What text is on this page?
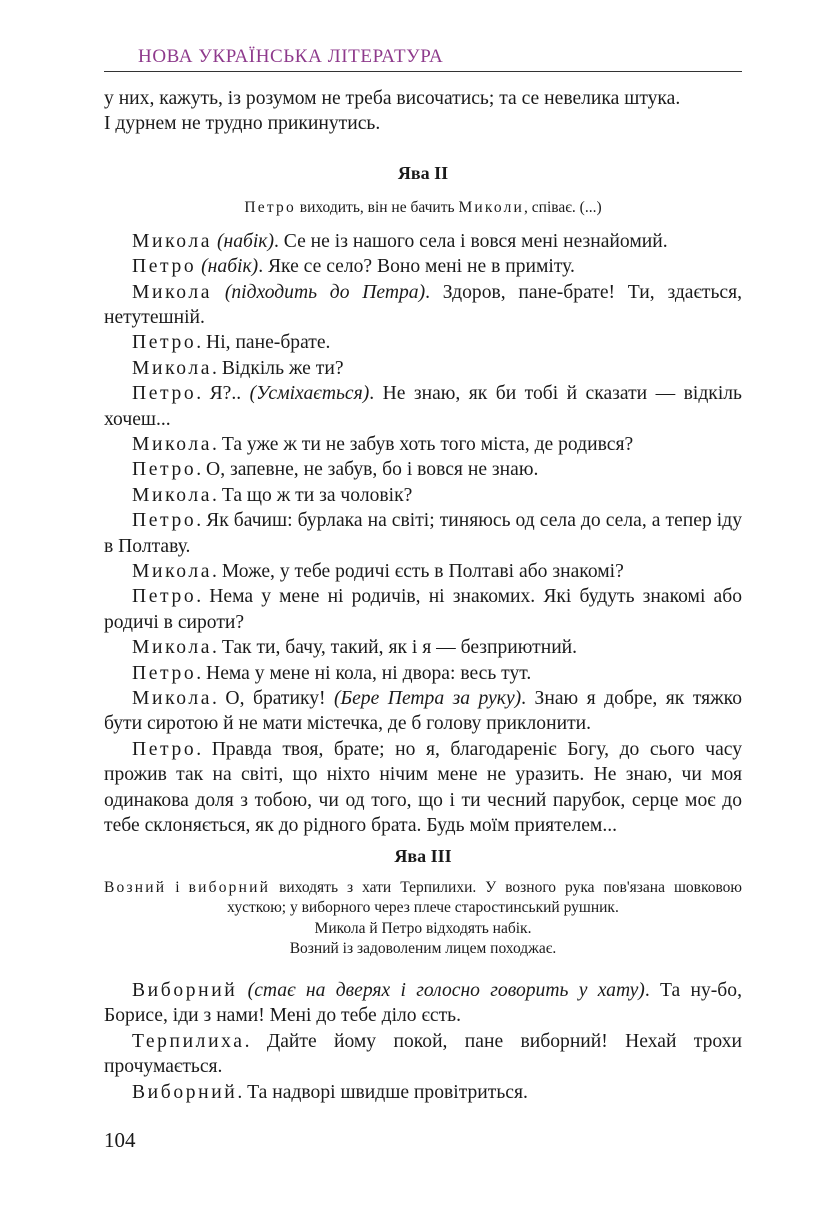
НОВА УКРАЇНСЬКА ЛІТЕРАТУРА

у них, кажуть, із розумом не треба височатись; та се невелика штука.
І дурнем не трудно прикинутись.

Ява II

Петро виходить, він не бачить Миколи, співає. (...)

Микола (набік). Се не із нашого села і вовся мені незнайомий.

Петро (набік). Яке се село? Воно мені не в приміту.

Микола (підходить до Петра). Здоров, пане-брате! Ти, здається, нетутешній.

Петро. Ні, пане-брате.

Микола. Відкіль же ти?

Петро. Я?.. (Усміхається). Не знаю, як би тобі й сказати — відкіль хочеш...

Микола. Та уже ж ти не забув хоть того міста, де родився?

Петро. О, запевне, не забув, бо і вовся не знаю.

Микола. Та що ж ти за чоловік?

Петро. Як бачиш: бурлака на світі; тиняюсь од села до села, а тепер іду в Полтаву.

Микола. Може, у тебе родичі єсть в Полтаві або знакомі?

Петро. Нема у мене ні родичів, ні знакомих. Які будуть знакомі або родичі в сироти?

Микола. Так ти, бачу, такий, як і я — безприютний.

Петро. Нема у мене ні кола, ні двора: весь тут.

Микола. О, братику! (Бере Петра за руку). Знаю я добре, як тяжко бути сиротою й не мати містечка, де б голову приклонити.

Петро. Правда твоя, брате; но я, благодареніє Богу, до сього часу прожив так на світі, що ніхто нічим мене не уразить. Не знаю, чи моя одинакова доля з тобою, чи од того, що і ти чесний парубок, серце моє до тебе склоняється, як до рідного брата. Будь моїм приятелем...

Ява III

Возний і виборний виходять з хати Терпилихи. У возного рука пов'язана шовковою хусткою; у виборного через плече старостинський рушник.

Микола й Петро відходять набік.

Возний із задоволеним лицем походжає.

Виборний (стає на дверях і голосно говорить у хату). Та ну-бо, Борисе, іди з нами! Мені до тебе діло єсть.

Терпилиха. Дайте йому покой, пане виборний! Нехай трохи прочумається.

Виборний. Та надворі швидше провітриться.

104
